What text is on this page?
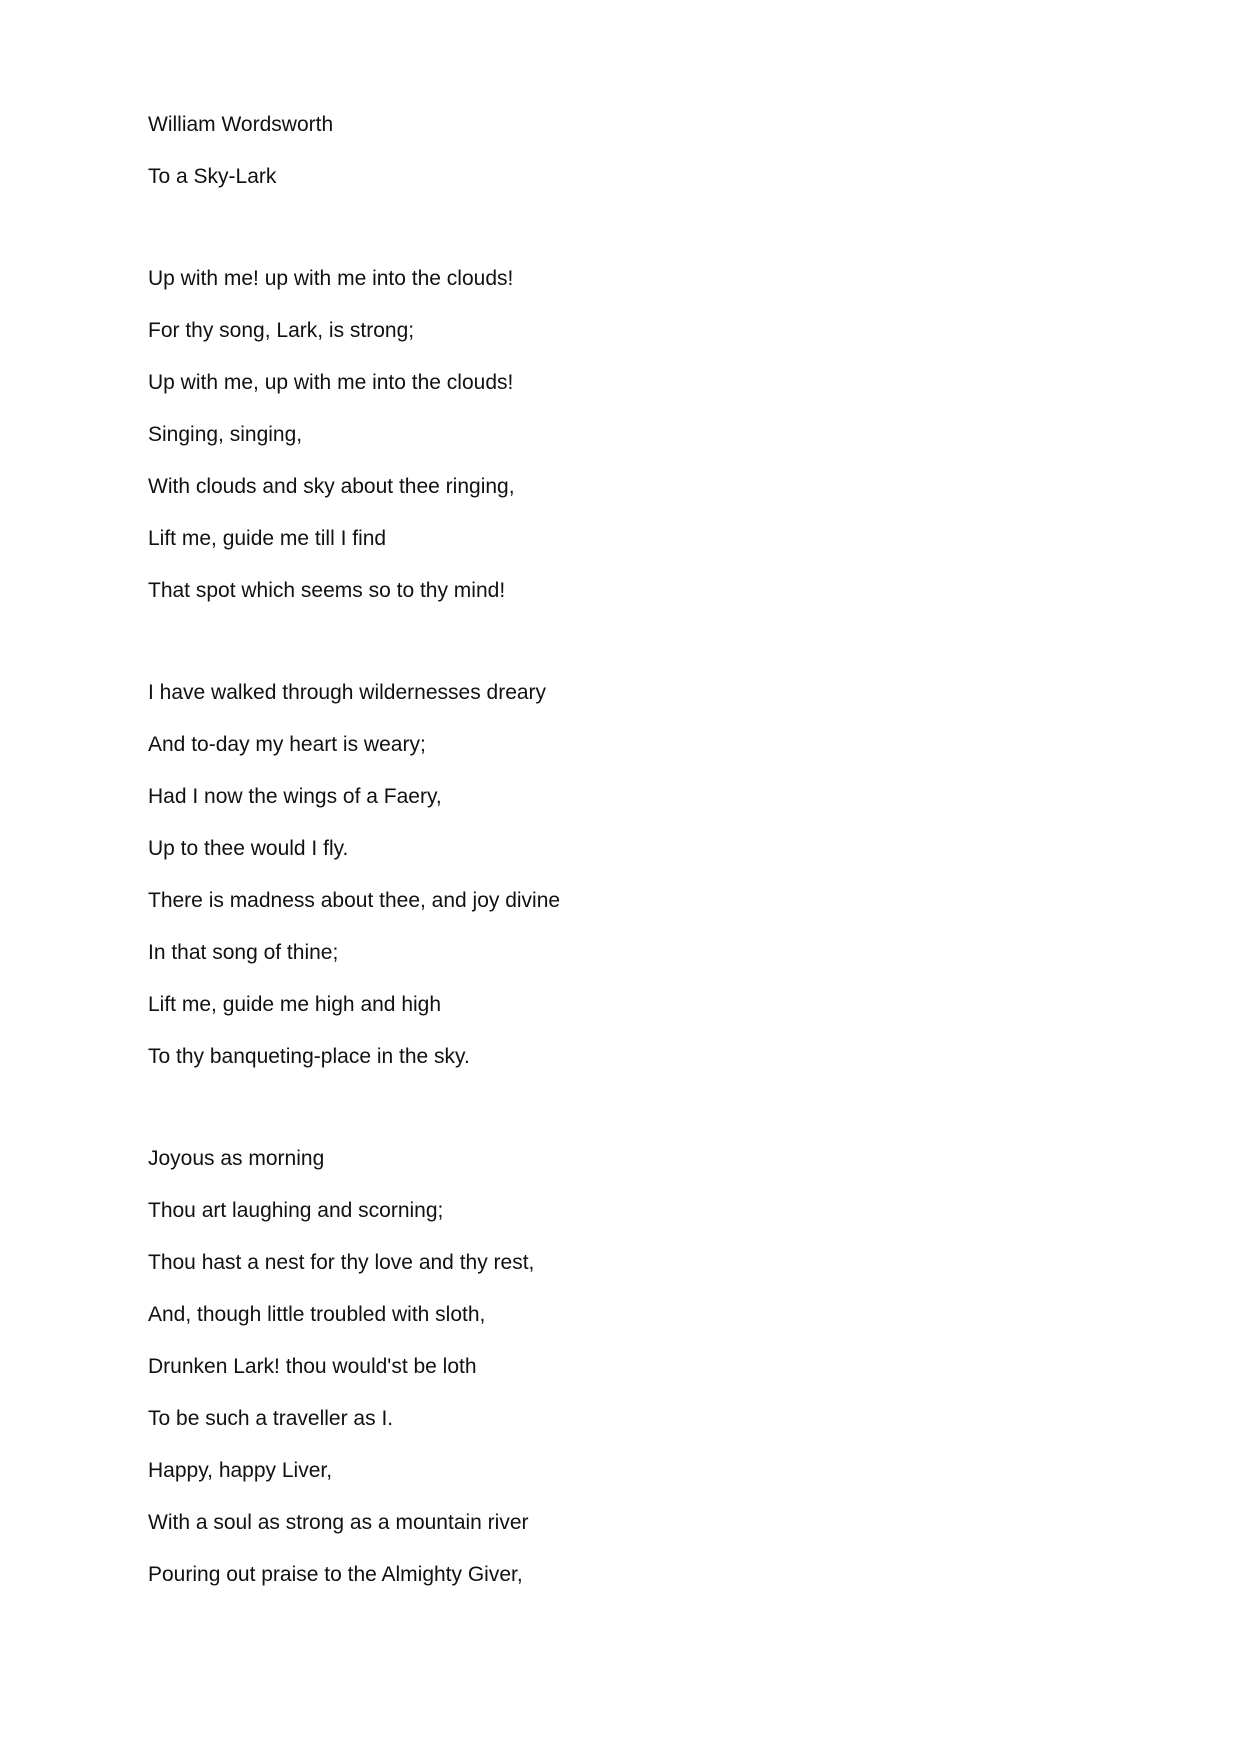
William Wordsworth
To a Sky-Lark
Up with me! up with me into the clouds!
For thy song, Lark, is strong;
Up with me, up with me into the clouds!
Singing, singing,
With clouds and sky about thee ringing,
Lift me, guide me till I find
That spot which seems so to thy mind!
I have walked through wildernesses dreary
And to-day my heart is weary;
Had I now the wings of a Faery,
Up to thee would I fly.
There is madness about thee, and joy divine
In that song of thine;
Lift me, guide me high and high
To thy banqueting-place in the sky.
Joyous as morning
Thou art laughing and scorning;
Thou hast a nest for thy love and thy rest,
And, though little troubled with sloth,
Drunken Lark! thou would'st be loth
To be such a traveller as I.
Happy, happy Liver,
With a soul as strong as a mountain river
Pouring out praise to the Almighty Giver,
